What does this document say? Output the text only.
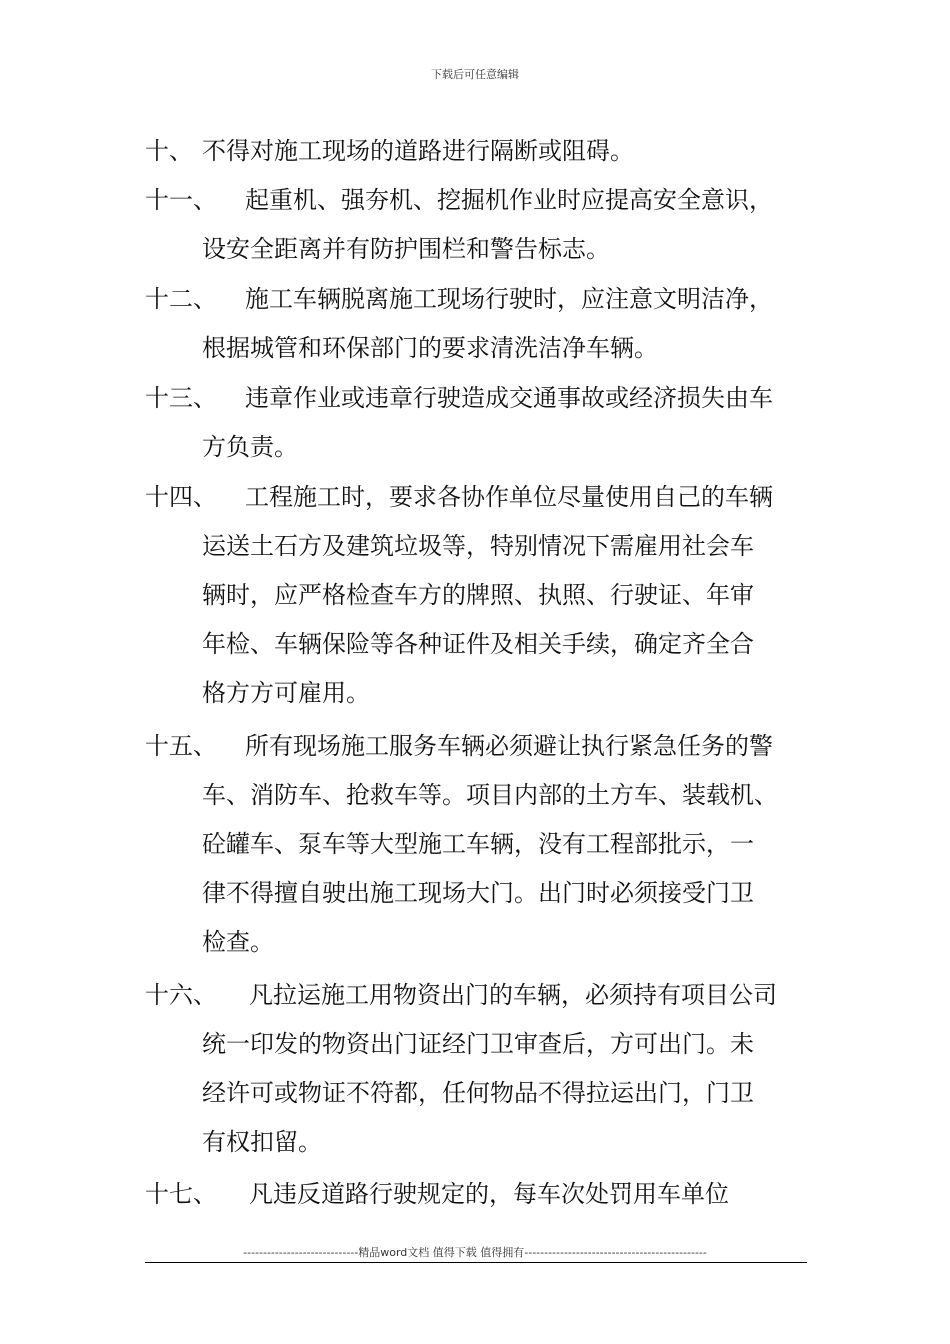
下载后可任意编辑
十、 不得对施工现场的道路进行隔断或阻碍。
十一、 起重机、强夯机、挖掘机作业时应提高安全意识，
设安全距离并有防护围栏和警告标志。
十二、 施工车辆脱离施工现场行驶时，应注意文明洁净，
根据城管和环保部门的要求清洗洁净车辆。
十三、 违章作业或违章行驶造成交通事故或经济损失由车
方负责。
十四、 工程施工时，要求各协作单位尽量使用自己的车辆
运送土石方及建筑垃圾等，特别情况下需雇用社会车
辆时，应严格检查车方的牌照、执照、行驶证、年审
年检、车辆保险等各种证件及相关手续，确定齐全合
格方方可雇用。
十五、 所有现场施工服务车辆必须避让执行紧急任务的警
车、消防车、抢救车等。项目内部的土方车、装载机、
砼罐车、泵车等大型施工车辆，没有工程部批示，一
律不得擅自驶出施工现场大门。出门时必须接受门卫
检查。
十六、 凡拉运施工用物资出门的车辆，必须持有项目公司
统一印发的物资出门证经门卫审查后，方可出门。未
经许可或物证不符都，任何物品不得拉运出门，门卫
有权扣留。
十七、 凡违反道路行驶规定的，每车次处罚用车单位
-----------------------------精品word文档 值得下载 值得拥有----------------------------------------------
